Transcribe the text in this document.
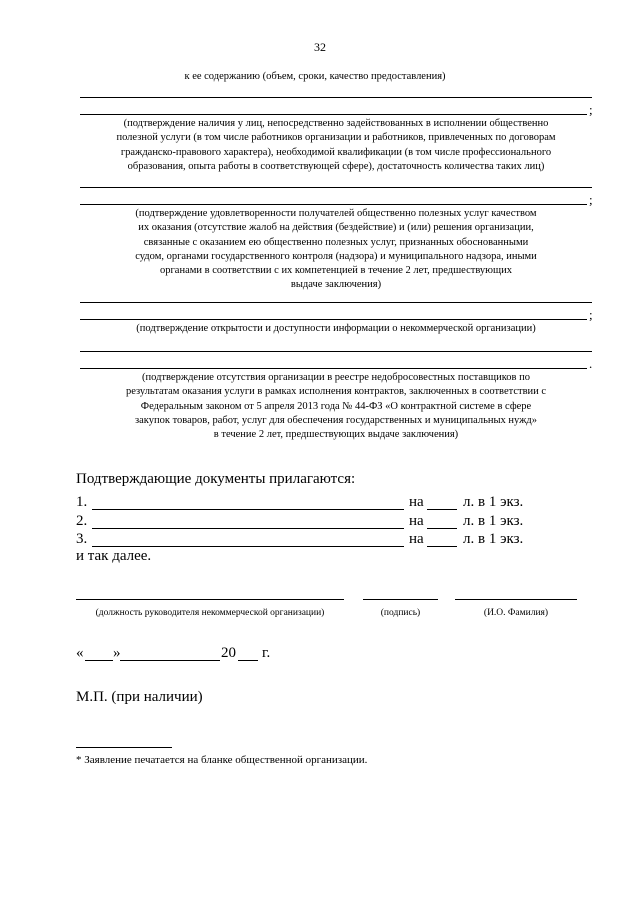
32
к ее содержанию (объем, сроки, качество предоставления)
;
(подтверждение наличия у лиц, непосредственно задействованных в исполнении общественно
полезной услуги (в том числе работников организации и работников, привлеченных по договорам
гражданско-правового характера), необходимой квалификации (в том числе профессионального
образования, опыта работы в соответствующей сфере), достаточность количества таких лиц)
;
(подтверждение удовлетворенности получателей общественно полезных услуг качеством
их оказания (отсутствие жалоб на действия (бездействие) и (или) решения организации,
связанные с оказанием ею общественно полезных услуг, признанных обоснованными
судом, органами государственного контроля (надзора) и муниципального надзора, иными
органами в соответствии с их компетенцией в течение 2 лет, предшествующих
выдаче заключения)
;
(подтверждение открытости и доступности информации о некоммерческой организации)
.
(подтверждение отсутствия организации в реестре недобросовестных поставщиков по
результатам оказания услуги в рамках исполнения контрактов, заключенных в соответствии с
Федеральным законом от 5 апреля 2013 года № 44-ФЗ «О контрактной системе в сфере
закупок товаров, работ, услуг для обеспечения государственных и муниципальных нужд»
в течение 2 лет, предшествующих выдаче заключения)
Подтверждающие документы прилагаются:
1.	на	л. в 1 экз.
2.	на	л. в 1 экз.
3.	на	л. в 1 экз.
и так далее.
(должность руководителя некоммерческой организации)	(подпись)	(И.О. Фамилия)
« »	20 г.
М.П. (при наличии)
* Заявление печатается на бланке общественной организации.
